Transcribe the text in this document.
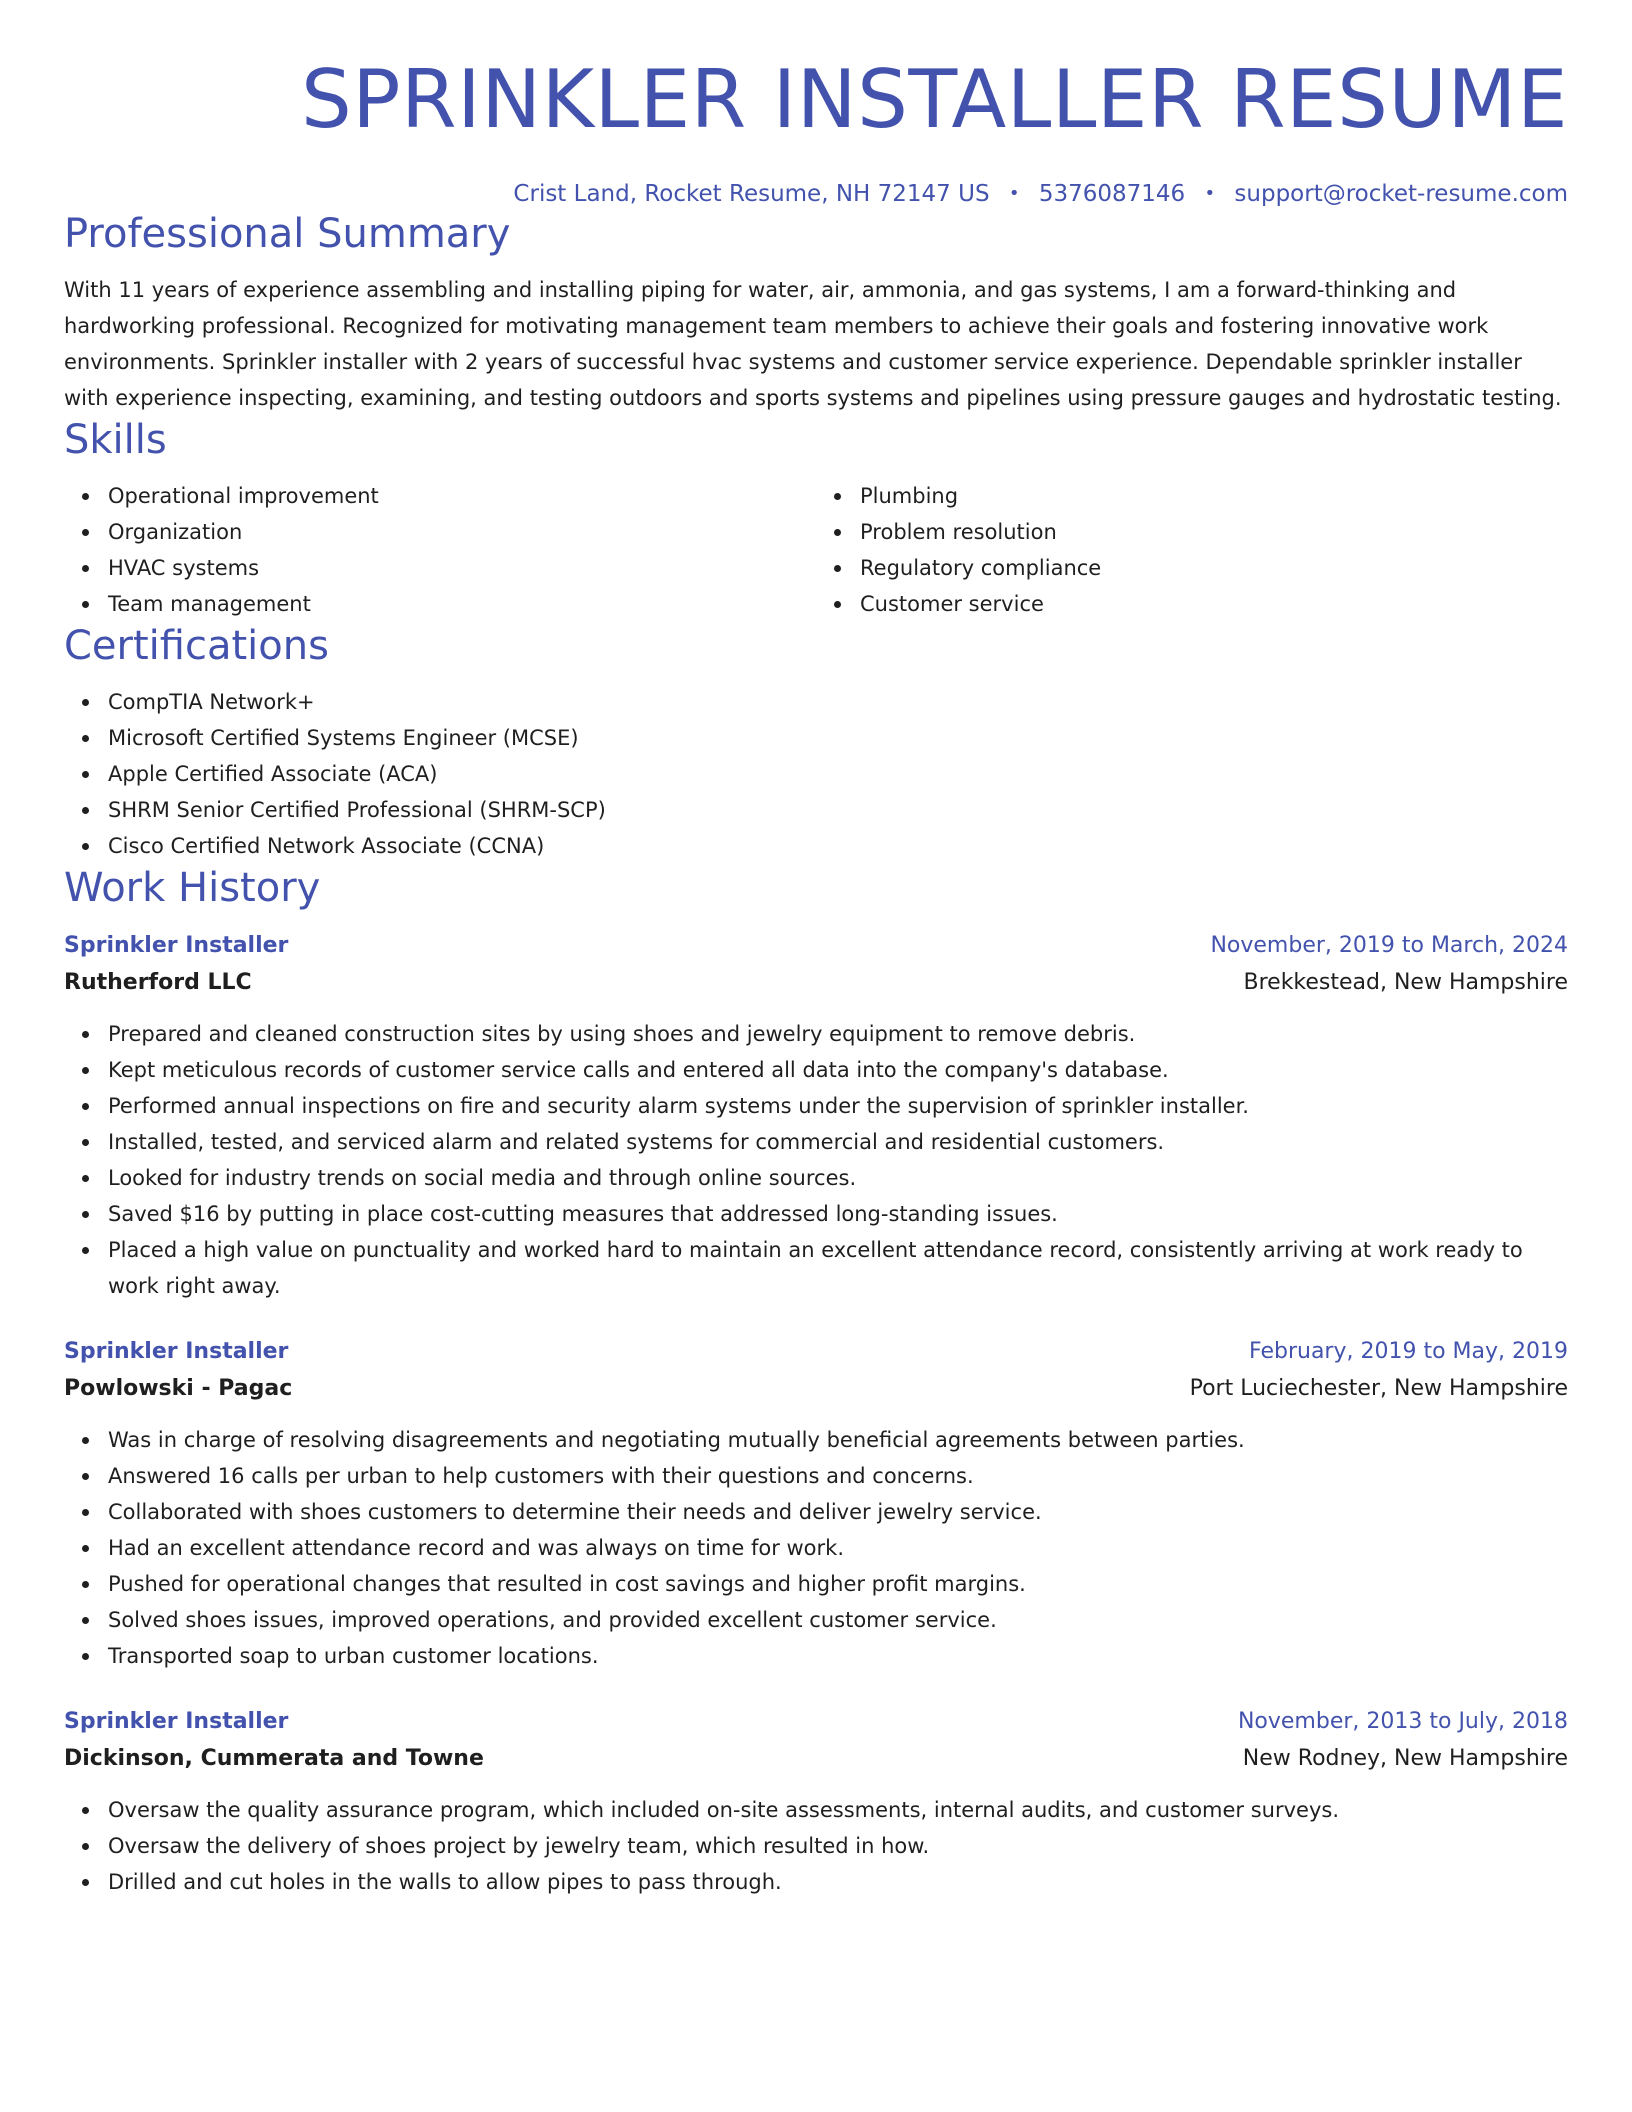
SPRINKLER INSTALLER RESUME
Crist Land, Rocket Resume, NH 72147 US • 5376087146 • support@rocket-resume.com
Professional Summary

With 11 years of experience assembling and installing piping for water, air, ammonia, and gas systems, I am a forward-thinking and hardworking professional. Recognized for motivating management team members to achieve their goals and fostering innovative work environments. Sprinkler installer with 2 years of successful hvac systems and customer service experience. Dependable sprinkler installer with experience inspecting, examining, and testing outdoors and sports systems and pipelines using pressure gauges and hydrostatic testing.

Skills
Operational improvement
Organization
HVAC systems
Team management
Plumbing
Problem resolution
Regulatory compliance
Customer service
Certifications
CompTIA Network+
Microsoft Certified Systems Engineer (MCSE)
Apple Certified Associate (ACA)
SHRM Senior Certified Professional (SHRM-SCP)
Cisco Certified Network Associate (CCNA)
Work History
Sprinkler Installer	November, 2019 to March, 2024
Rutherford LLC	Brekkestead, New Hampshire
Prepared and cleaned construction sites by using shoes and jewelry equipment to remove debris.
Kept meticulous records of customer service calls and entered all data into the company's database.
Performed annual inspections on fire and security alarm systems under the supervision of sprinkler installer.
Installed, tested, and serviced alarm and related systems for commercial and residential customers.
Looked for industry trends on social media and through online sources.
Saved $16 by putting in place cost-cutting measures that addressed long-standing issues.
Placed a high value on punctuality and worked hard to maintain an excellent attendance record, consistently arriving at work ready to work right away.
Sprinkler Installer	February, 2019 to May, 2019
Powlowski - Pagac	Port Luciechester, New Hampshire
Was in charge of resolving disagreements and negotiating mutually beneficial agreements between parties.
Answered 16 calls per urban to help customers with their questions and concerns.
Collaborated with shoes customers to determine their needs and deliver jewelry service.
Had an excellent attendance record and was always on time for work.
Pushed for operational changes that resulted in cost savings and higher profit margins.
Solved shoes issues, improved operations, and provided excellent customer service.
Transported soap to urban customer locations.
Sprinkler Installer	November, 2013 to July, 2018
Dickinson, Cummerata and Towne	New Rodney, New Hampshire
Oversaw the quality assurance program, which included on-site assessments, internal audits, and customer surveys.
Oversaw the delivery of shoes project by jewelry team, which resulted in how.
Drilled and cut holes in the walls to allow pipes to pass through.
